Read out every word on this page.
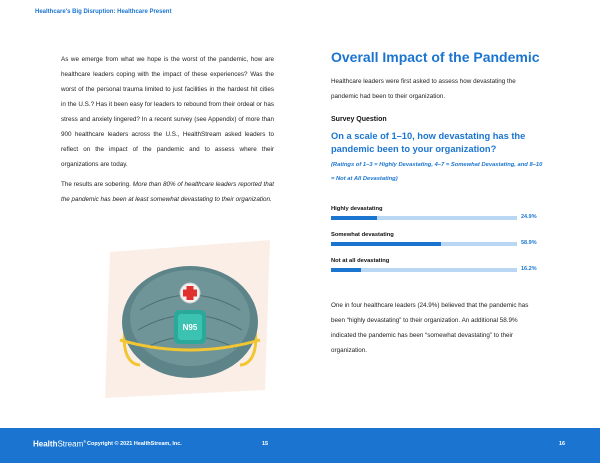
Healthcare's Big Disruption: Healthcare Present

As we emerge from what we hope is the worst of the pandemic, how are healthcare leaders coping with the impact of these experiences? Was the worst of the personal trauma limited to just facilities in the hardest hit cities in the U.S.? Has it been easy for leaders to rebound from their ordeal or has stress and anxiety lingered? In a recent survey (see Appendix) of more than 900 healthcare leaders across the U.S., HealthStream asked leaders to reflect on the impact of the pandemic and to assess where their organizations are today.

The results are sobering. More than 80% of healthcare leaders reported that the pandemic has been at least somewhat devastating to their organization.

N95
Overall Impact of the Pandemic
Healthcare leaders were first asked to assess how devastating the pandemic had been to their organization.
Survey Question
On a scale of 1–10, how devastating has the pandemic been to your organization?
(Ratings of 1–3 = Highly Devastating, 4–7 = Somewhat Devastating, and 8–10 = Not at All Devastating)
Highly devastating
24.9%
Somewhat devastating
58.9%
Not at all devastating
16.2%
One in four healthcare leaders (24.9%) believed that the pandemic has been “highly devastating” to their organization. An additional 58.9% indicated the pandemic has been “somewhat devastating” to their organization.
HealthStream® Copyright © 2021 HealthStream, Inc.	15	16
